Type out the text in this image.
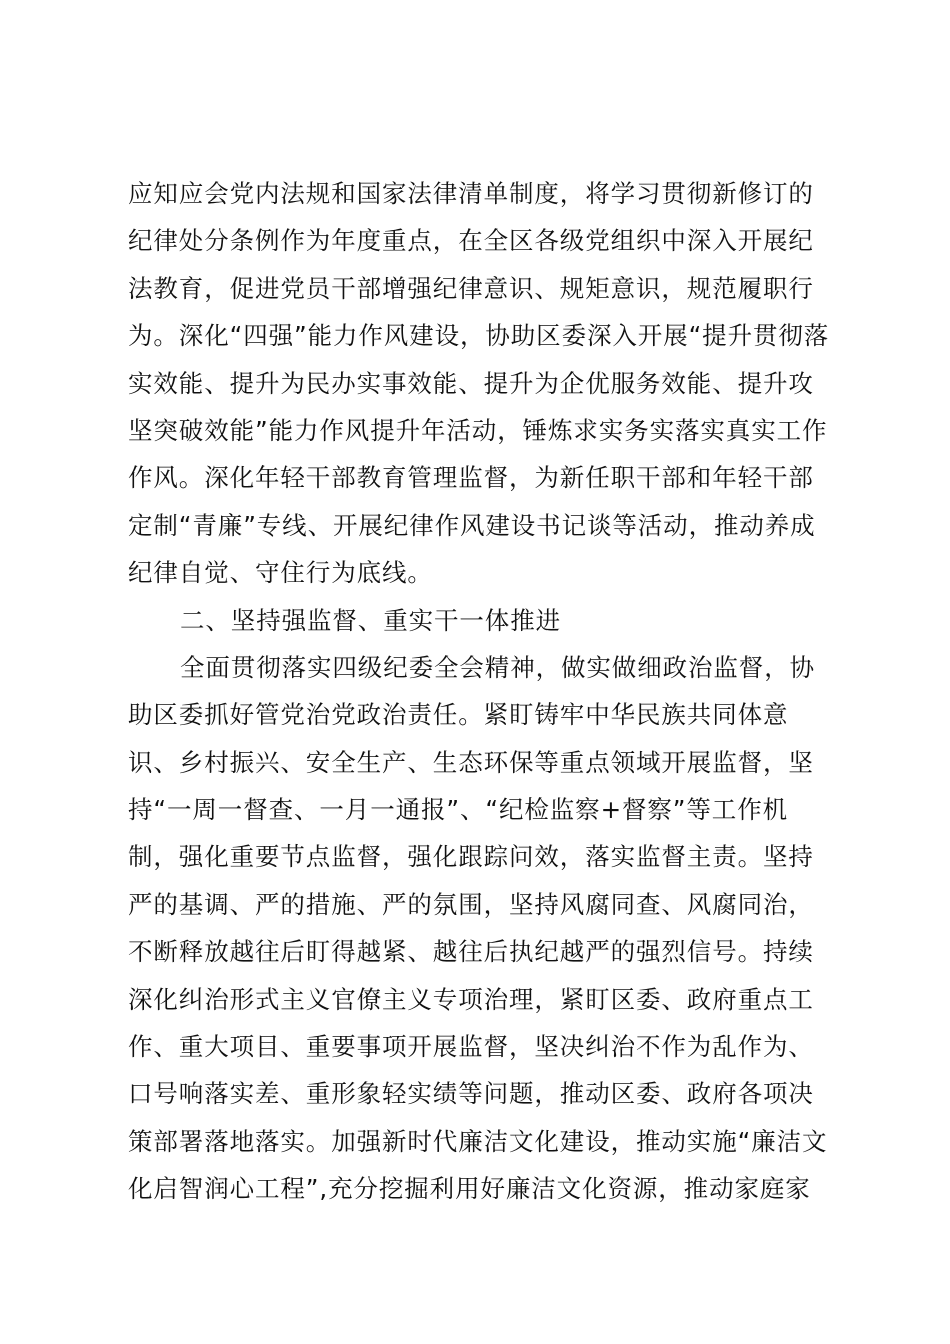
应知应会党内法规和国家法律清单制度，将学习贯彻新修订的
纪律处分条例作为年度重点，在全区各级党组织中深入开展纪
法教育，促进党员干部增强纪律意识、规矩意识，规范履职行
为。深化“四强”能力作风建设，协助区委深入开展“提升贯彻落
实效能、提升为民办实事效能、提升为企优服务效能、提升攻
坚突破效能”能力作风提升年活动，锤炼求实务实落实真实工作
作风。深化年轻干部教育管理监督，为新任职干部和年轻干部
定制“青廉”专线、开展纪律作风建设书记谈等活动，推动养成
纪律自觉、守住行为底线。
二、坚持强监督、重实干一体推进
全面贯彻落实四级纪委全会精神，做实做细政治监督，协
助区委抓好管党治党政治责任。紧盯铸牢中华民族共同体意
识、乡村振兴、安全生产、生态环保等重点领域开展监督，坚
持“一周一督查、一月一通报”、“纪检监察+督察”等工作机
制，强化重要节点监督，强化跟踪问效，落实监督主责。坚持
严的基调、严的措施、严的氛围，坚持风腐同查、风腐同治，
不断释放越往后盯得越紧、越往后执纪越严的强烈信号。持续
深化纠治形式主义官僚主义专项治理，紧盯区委、政府重点工
作、重大项目、重要事项开展监督，坚决纠治不作为乱作为、
口号响落实差、重形象轻实绩等问题，推动区委、政府各项决
策部署落地落实。加强新时代廉洁文化建设，推动实施“廉洁文
化启智润心工程”,充分挖掘利用好廉洁文化资源，推动家庭家
